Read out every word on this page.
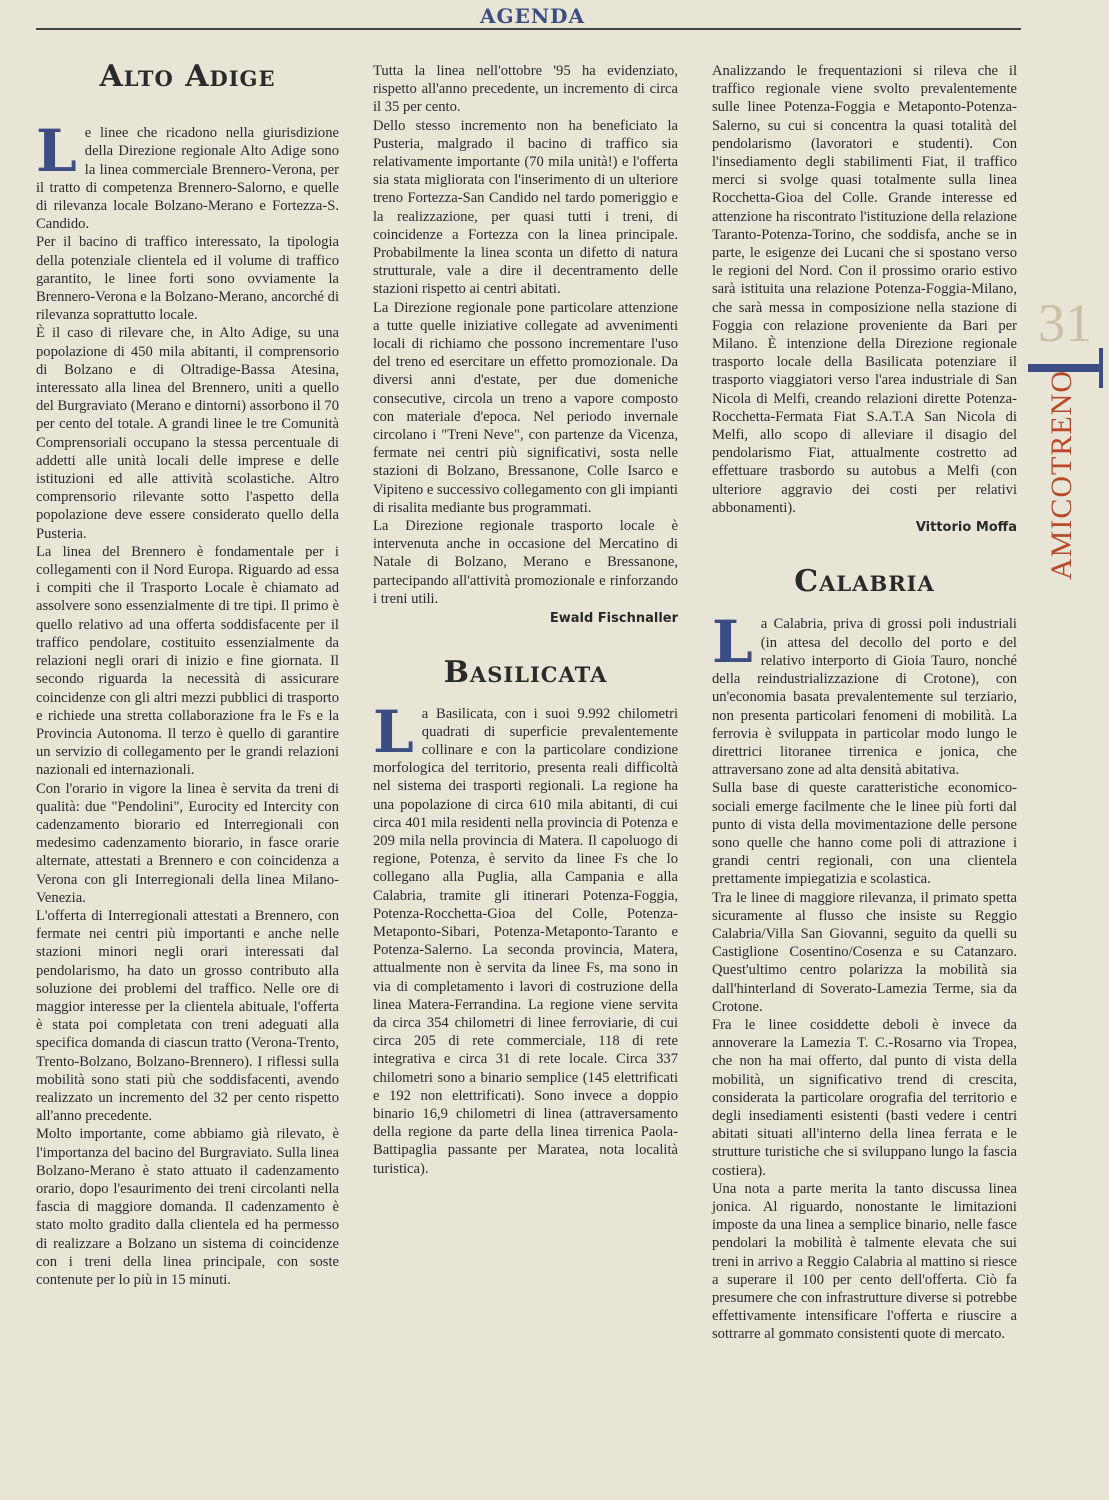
AGENDA
31
AMICOTRENO
Alto Adige

Le linee che ricadono nella giurisdizione della Direzione regionale Alto Adige sono la linea commerciale Brennero-Verona, per il tratto di competenza Brennero-Salorno, e quelle di rilevanza locale Bolzano-Merano e Fortezza-S. Candido.

Per il bacino di traffico interessato, la tipologia della potenziale clientela ed il volume di traffico garantito, le linee forti sono ovviamente la Brennero-Verona e la Bolzano-Merano, ancorché di rilevanza soprattutto locale.

È il caso di rilevare che, in Alto Adige, su una popolazione di 450 mila abitanti, il comprensorio di Bolzano e di Oltradige-Bassa Atesina, interessato alla linea del Brennero, uniti a quello del Burgraviato (Merano e dintorni) assorbono il 70 per cento del totale. A grandi linee le tre Comunità Comprensoriali occupano la stessa percentuale di addetti alle unità locali delle imprese e delle istituzioni ed alle attività scolastiche. Altro comprensorio rilevante sotto l'aspetto della popolazione deve essere considerato quello della Pusteria.

La linea del Brennero è fondamentale per i collegamenti con il Nord Europa. Riguardo ad essa i compiti che il Trasporto Locale è chiamato ad assolvere sono essenzialmente di tre tipi. Il primo è quello relativo ad una offerta soddisfacente per il traffico pendolare, costituito essenzialmente da relazioni negli orari di inizio e fine giornata. Il secondo riguarda la necessità di assicurare coincidenze con gli altri mezzi pubblici di trasporto e richiede una stretta collaborazione fra le Fs e la Provincia Autonoma. Il terzo è quello di garantire un servizio di collegamento per le grandi relazioni nazionali ed internazionali.

Con l'orario in vigore la linea è servita da treni di qualità: due "Pendolini", Eurocity ed Intercity con cadenzamento biorario ed Interregionali con medesimo cadenzamento biorario, in fasce orarie alternate, attestati a Brennero e con coincidenza a Verona con gli Interregionali della linea Milano-Venezia.

L'offerta di Interregionali attestati a Brennero, con fermate nei centri più importanti e anche nelle stazioni minori negli orari interessati dal pendolarismo, ha dato un grosso contributo alla soluzione dei problemi del traffico. Nelle ore di maggior interesse per la clientela abituale, l'offerta è stata poi completata con treni adeguati alla specifica domanda di ciascun tratto (Verona-Trento, Trento-Bolzano, Bolzano-Brennero). I riflessi sulla mobilità sono stati più che soddisfacenti, avendo realizzato un incremento del 32 per cento rispetto all'anno precedente.

Molto importante, come abbiamo già rilevato, è l'importanza del bacino del Burgraviato. Sulla linea Bolzano-Merano è stato attuato il cadenzamento orario, dopo l'esaurimento dei treni circolanti nella fascia di maggiore domanda. Il cadenzamento è stato molto gradito dalla clientela ed ha permesso di realizzare a Bolzano un sistema di coincidenze con i treni della linea principale, con soste contenute per lo più in 15 minuti.

Tutta la linea nell'ottobre '95 ha evidenziato, rispetto all'anno precedente, un incremento di circa il 35 per cento.

Dello stesso incremento non ha beneficiato la Pusteria, malgrado il bacino di traffico sia relativamente importante (70 mila unità!) e l'offerta sia stata migliorata con l'inserimento di un ulteriore treno Fortezza-San Candido nel tardo pomeriggio e la realizzazione, per quasi tutti i treni, di coincidenze a Fortezza con la linea principale. Probabilmente la linea sconta un difetto di natura strutturale, vale a dire il decentramento delle stazioni rispetto ai centri abitati.

La Direzione regionale pone particolare attenzione a tutte quelle iniziative collegate ad avvenimenti locali di richiamo che possono incrementare l'uso del treno ed esercitare un effetto promozionale. Da diversi anni d'estate, per due domeniche consecutive, circola un treno a vapore composto con materiale d'epoca. Nel periodo invernale circolano i "Treni Neve", con partenze da Vicenza, fermate nei centri più significativi, sosta nelle stazioni di Bolzano, Bressanone, Colle Isarco e Vipiteno e successivo collegamento con gli impianti di risalita mediante bus programmati.

La Direzione regionale trasporto locale è intervenuta anche in occasione del Mercatino di Natale di Bolzano, Merano e Bressanone, partecipando all'attività promozionale e rinforzando i treni utili.

Ewald Fischnaller

Basilicata

La Basilicata, con i suoi 9.992 chilometri quadrati di superficie prevalentemente collinare e con la particolare condizione morfologica del territorio, presenta reali difficoltà nel sistema dei trasporti regionali. La regione ha una popolazione di circa 610 mila abitanti, di cui circa 401 mila residenti nella provincia di Potenza e 209 mila nella provincia di Matera. Il capoluogo di regione, Potenza, è servito da linee Fs che lo collegano alla Puglia, alla Campania e alla Calabria, tramite gli itinerari Potenza-Foggia, Potenza-Rocchetta-Gioa del Colle, Potenza-Metaponto-Sibari, Potenza-Metaponto-Taranto e Potenza-Salerno. La seconda provincia, Matera, attualmente non è servita da linee Fs, ma sono in via di completamento i lavori di costruzione della linea Matera-Ferrandina. La regione viene servita da circa 354 chilometri di linee ferroviarie, di cui circa 205 di rete commerciale, 118 di rete integrativa e circa 31 di rete locale. Circa 337 chilometri sono a binario semplice (145 elettrificati e 192 non elettrificati). Sono invece a doppio binario 16,9 chilometri di linea (attraversamento della regione da parte della linea tirrenica Paola-Battipaglia passante per Maratea, nota località turistica).

Analizzando le frequentazioni si rileva che il traffico regionale viene svolto prevalentemente sulle linee Potenza-Foggia e Metaponto-Potenza-Salerno, su cui si concentra la quasi totalità del pendolarismo (lavoratori e studenti). Con l'insediamento degli stabilimenti Fiat, il traffico merci si svolge quasi totalmente sulla linea Rocchetta-Gioa del Colle. Grande interesse ed attenzione ha riscontrato l'istituzione della relazione Taranto-Potenza-Torino, che soddisfa, anche se in parte, le esigenze dei Lucani che si spostano verso le regioni del Nord. Con il prossimo orario estivo sarà istituita una relazione Potenza-Foggia-Milano, che sarà messa in composizione nella stazione di Foggia con relazione proveniente da Bari per Milano. È intenzione della Direzione regionale trasporto locale della Basilicata potenziare il trasporto viaggiatori verso l'area industriale di San Nicola di Melfi, creando relazioni dirette Potenza-Rocchetta-Fermata Fiat S.A.T.A San Nicola di Melfi, allo scopo di alleviare il disagio del pendolarismo Fiat, attualmente costretto ad effettuare trasbordo su autobus a Melfi (con ulteriore aggravio dei costi per relativi abbonamenti).

Vittorio Moffa

Calabria

La Calabria, priva di grossi poli industriali (in attesa del decollo del porto e del relativo interporto di Gioia Tauro, nonché della reindustrializzazione di Crotone), con un'economia basata prevalentemente sul terziario, non presenta particolari fenomeni di mobilità. La ferrovia è sviluppata in particolar modo lungo le direttrici litoranee tirrenica e jonica, che attraversano zone ad alta densità abitativa.

Sulla base di queste caratteristiche economico-sociali emerge facilmente che le linee più forti dal punto di vista della movimentazione delle persone sono quelle che hanno come poli di attrazione i grandi centri regionali, con una clientela prettamente impiegatizia e scolastica.

Tra le linee di maggiore rilevanza, il primato spetta sicuramente al flusso che insiste su Reggio Calabria/Villa San Giovanni, seguito da quelli su Castiglione Cosentino/Cosenza e su Catanzaro. Quest'ultimo centro polarizza la mobilità sia dall'hinterland di Soverato-Lamezia Terme, sia da Crotone.

Fra le linee cosiddette deboli è invece da annoverare la Lamezia T. C.-Rosarno via Tropea, che non ha mai offerto, dal punto di vista della mobilità, un significativo trend di crescita, considerata la particolare orografia del territorio e degli insediamenti esistenti (basti vedere i centri abitati situati all'interno della linea ferrata e le strutture turistiche che si sviluppano lungo la fascia costiera).

Una nota a parte merita la tanto discussa linea jonica. Al riguardo, nonostante le limitazioni imposte da una linea a semplice binario, nelle fasce pendolari la mobilità è talmente elevata che sui treni in arrivo a Reggio Calabria al mattino si riesce a superare il 100 per cento dell'offerta. Ciò fa presumere che con infrastrutture diverse si potrebbe effettivamente intensificare l'offerta e riuscire a sottrarre al gommato consistenti quote di mercato.
